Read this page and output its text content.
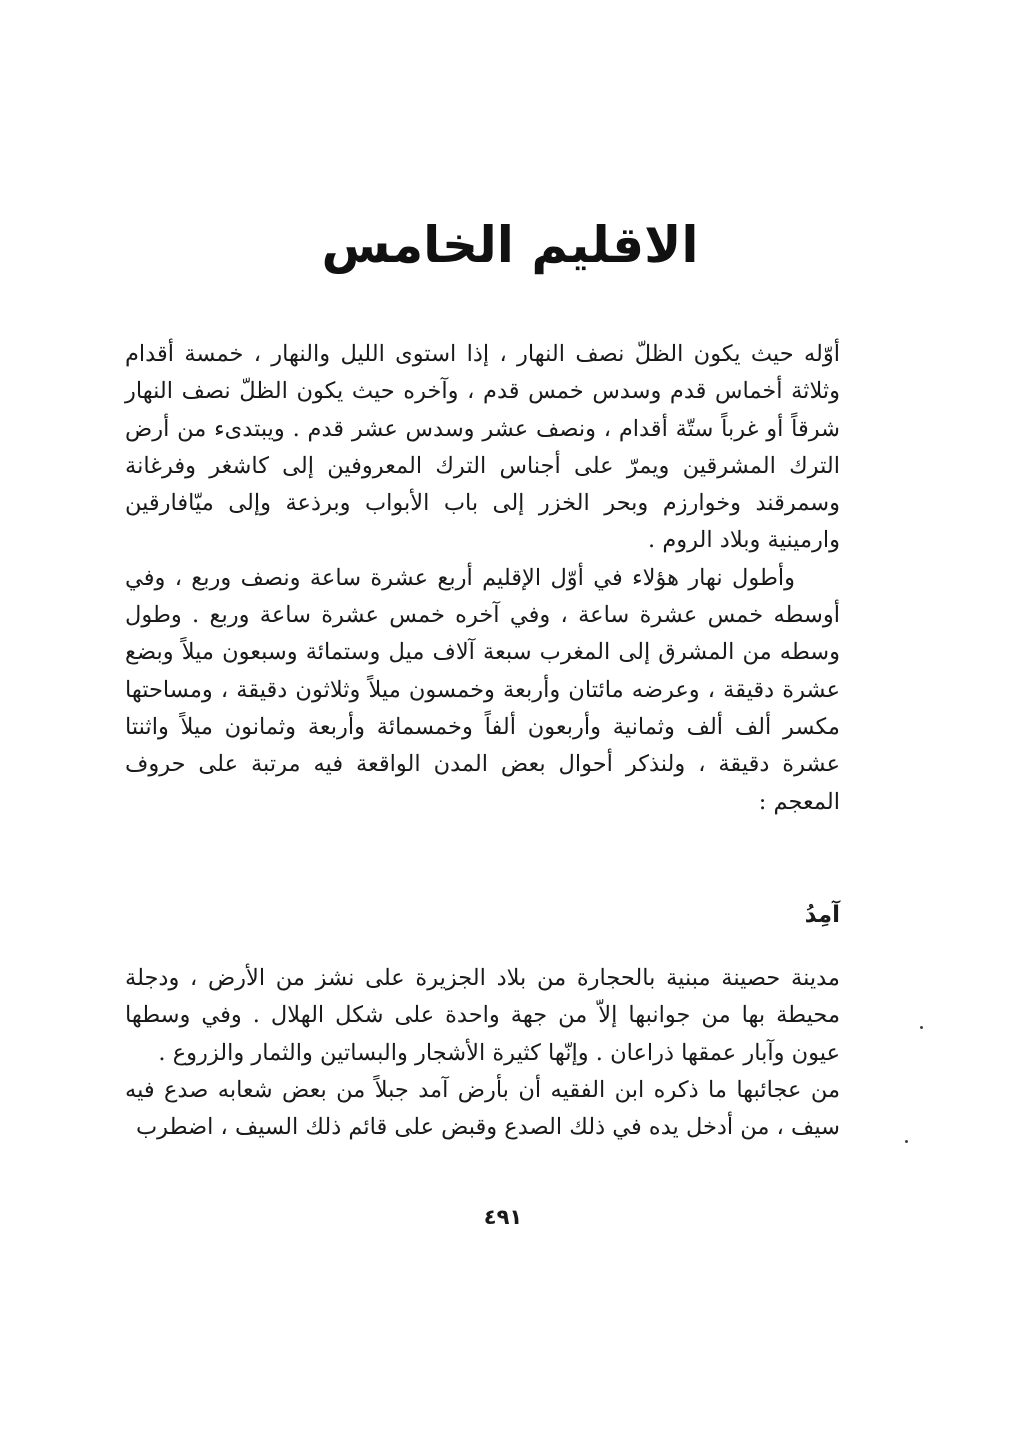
الاقليم الخامس

أوّله حيث يكون الظلّ نصف النهار ، إذا استوى الليل والنهار ، خمسة أقدام وثلاثة أخماس قدم وسدس خمس قدم ، وآخره حيث يكون الظلّ نصف النهار شرقاً أو غرباً ستّة أقدام ، ونصف عشر وسدس عشر قدم . ويبتدىء من أرض الترك المشرقين ويمرّ على أجناس الترك المعروفين إلى كاشغر وفرغانة وسمرقند وخوارزم وبحر الخزر إلى باب الأبواب وبرذعة وإلى ميّافارقين وارمينية وبلاد الروم .

وأطول نهار هؤلاء في أوّل الإقليم أربع عشرة ساعة ونصف وربع ، وفي أوسطه خمس عشرة ساعة ، وفي آخره خمس عشرة ساعة وربع . وطول وسطه من المشرق إلى المغرب سبعة آلاف ميل وستمائة وسبعون ميلاً وبضع عشرة دقيقة ، وعرضه مائتان وأربعة وخمسون ميلاً وثلاثون دقيقة ، ومساحتها مكسر ألف ألف وثمانية وأربعون ألفاً وخمسمائة وأربعة وثمانون ميلاً واثنتا عشرة دقيقة ، ولنذكر أحوال بعض المدن الواقعة فيه مرتبة على حروف المعجم :

آمِدُ

مدينة حصينة مبنية بالحجارة من بلاد الجزيرة على نشز من الأرض ، ودجلة محيطة بها من جوانبها إلاّ من جهة واحدة على شكل الهلال . وفي وسطها عيون وآبار عمقها ذراعان . وإنّها كثيرة الأشجار والبساتين والثمار والزروع .

من عجائبها ما ذكره ابن الفقيه أن بأرض آمد جبلاً من بعض شعابه صدع فيه سيف ، من أدخل يده في ذلك الصدع وقبض على قائم ذلك السيف ، اضطرب

٤٩١
